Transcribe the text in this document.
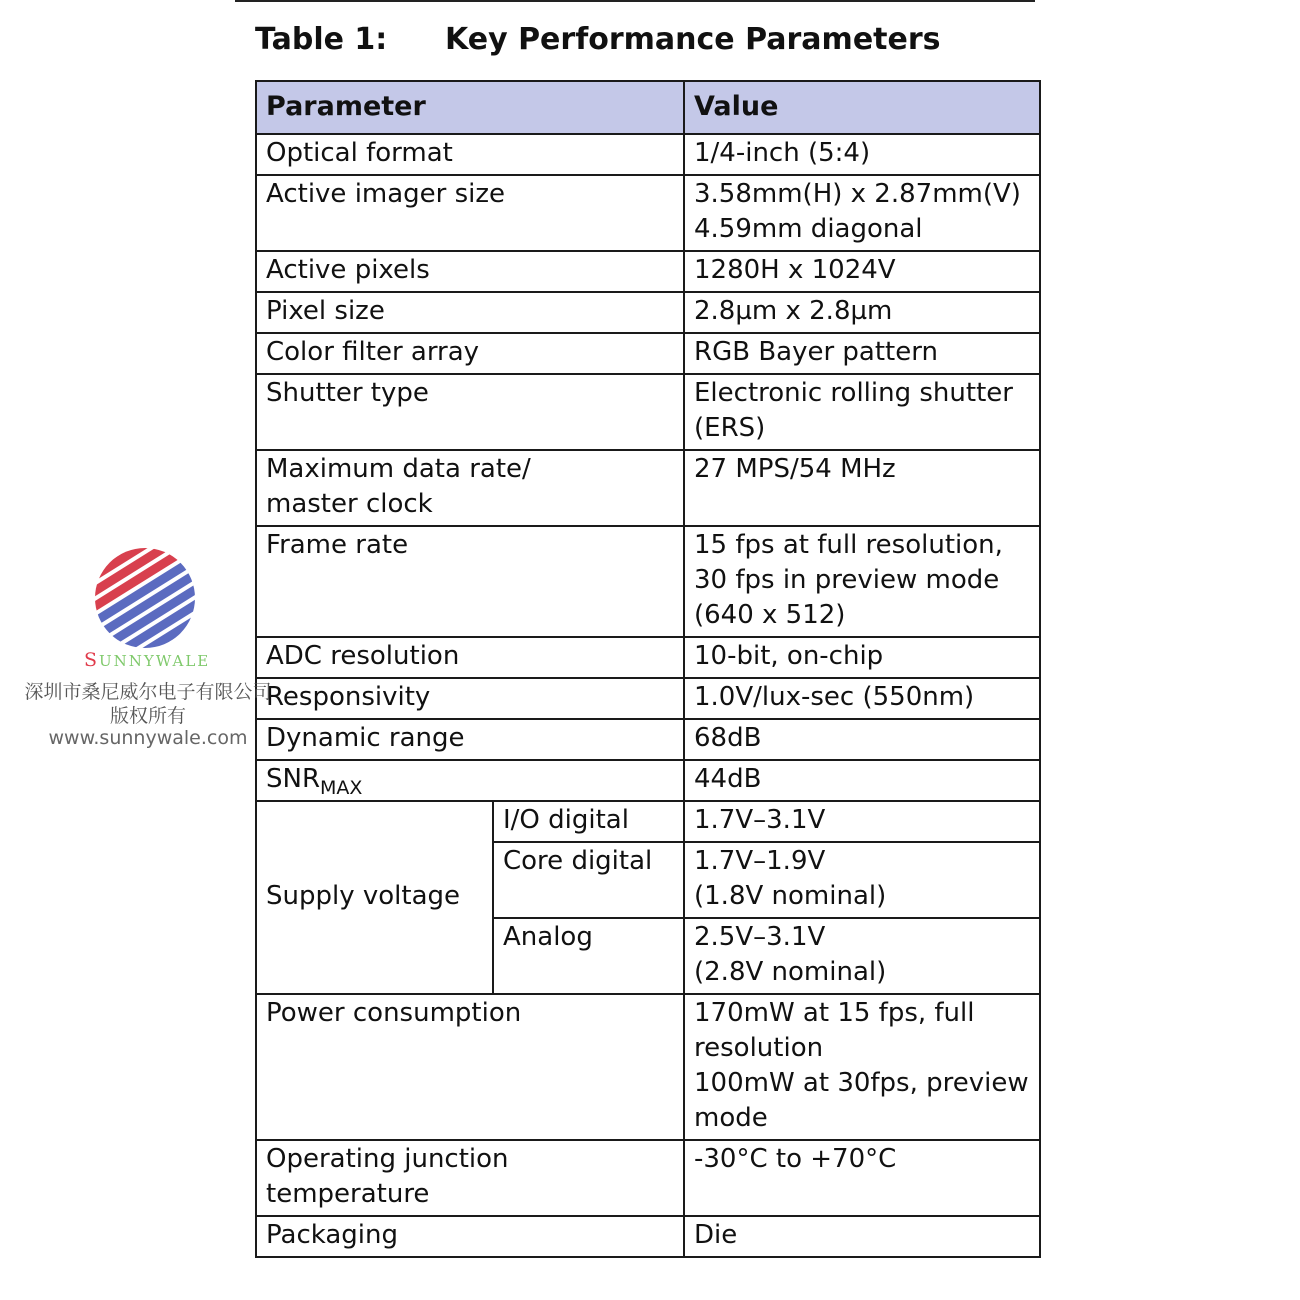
Table 1: Key Performance Parameters
Parameter		Value

Optical format		1/4-inch (5:4)

Active imager size		3.58mm(H) x 2.87mm(V)
4.59mm diagonal

Active pixels		1280H x 1024V

Pixel size		2.8µm x 2.8µm

Color filter array		RGB Bayer pattern

Shutter type		Electronic rolling shutter
(ERS)

Maximum data rate/
master clock		27 MPS/54 MHz

Frame rate		15 fps at full resolution,
30 fps in preview mode
(640 x 512)

ADC resolution		10-bit, on-chip

Responsivity		1.0V/lux-sec (550nm)

Dynamic range		68dB

$SNR_{MAX}$		44dB

Supply voltage	I/O digital	1.7V–3.1V

	Core digital	1.7V–1.9V
(1.8V nominal)

	Analog	2.5V–3.1V
(2.8V nominal)

Power consumption		170mW at 15 fps, full
resolution
100mW at 30fps, preview
mode

Operating junction
temperature		-30°C to +70°C

Packaging		Die
SUNNYWALE
深圳市桑尼威尔电子有限公司
版权所有
www.sunnywale.com
